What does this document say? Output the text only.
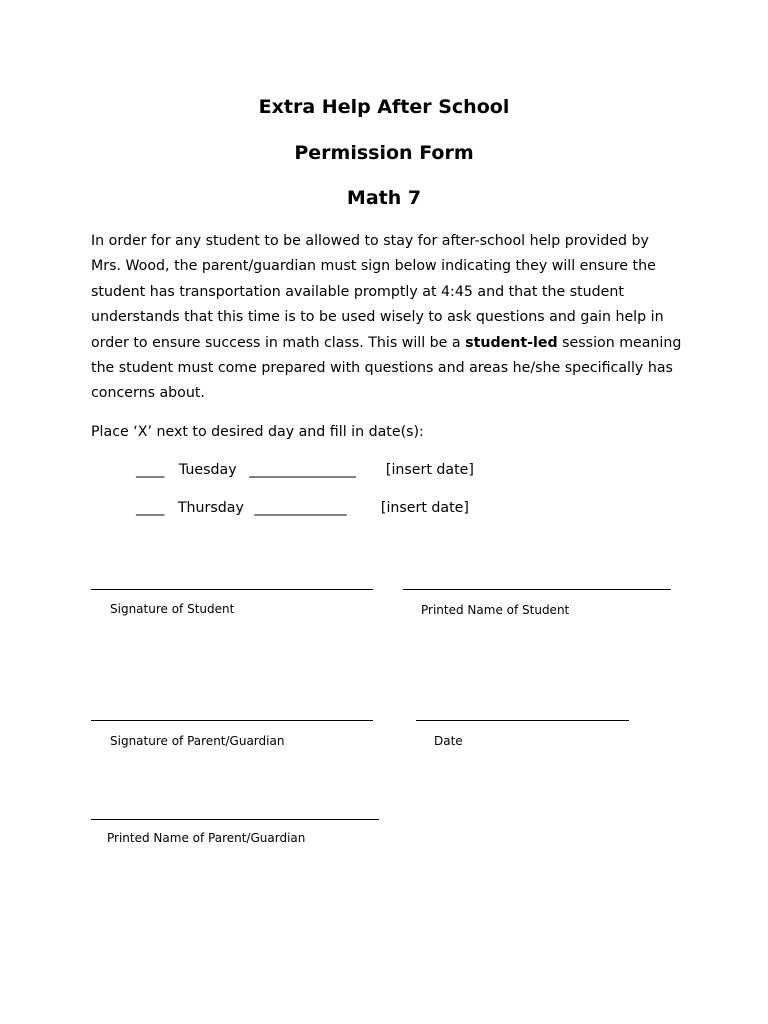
Extra Help After School
Permission Form
Math 7
In order for any student to be allowed to stay for after-school help provided by
Mrs. Wood, the parent/guardian must sign below indicating they will ensure the
student has transportation available promptly at 4:45 and that the student
understands that this time is to be used wisely to ask questions and gain help in
order to ensure success in math class. This will be a student-led session meaning
the student must come prepared with questions and areas he/she specifically has
concerns about.
Place ‘X’ next to desired day and fill in date(s):
____ Tuesday _______________ [insert date]
____ Thursday _____________ [insert date]
Signature of Student	Printed Name of Student
Signature of Parent/Guardian	Date
Printed Name of Parent/Guardian
